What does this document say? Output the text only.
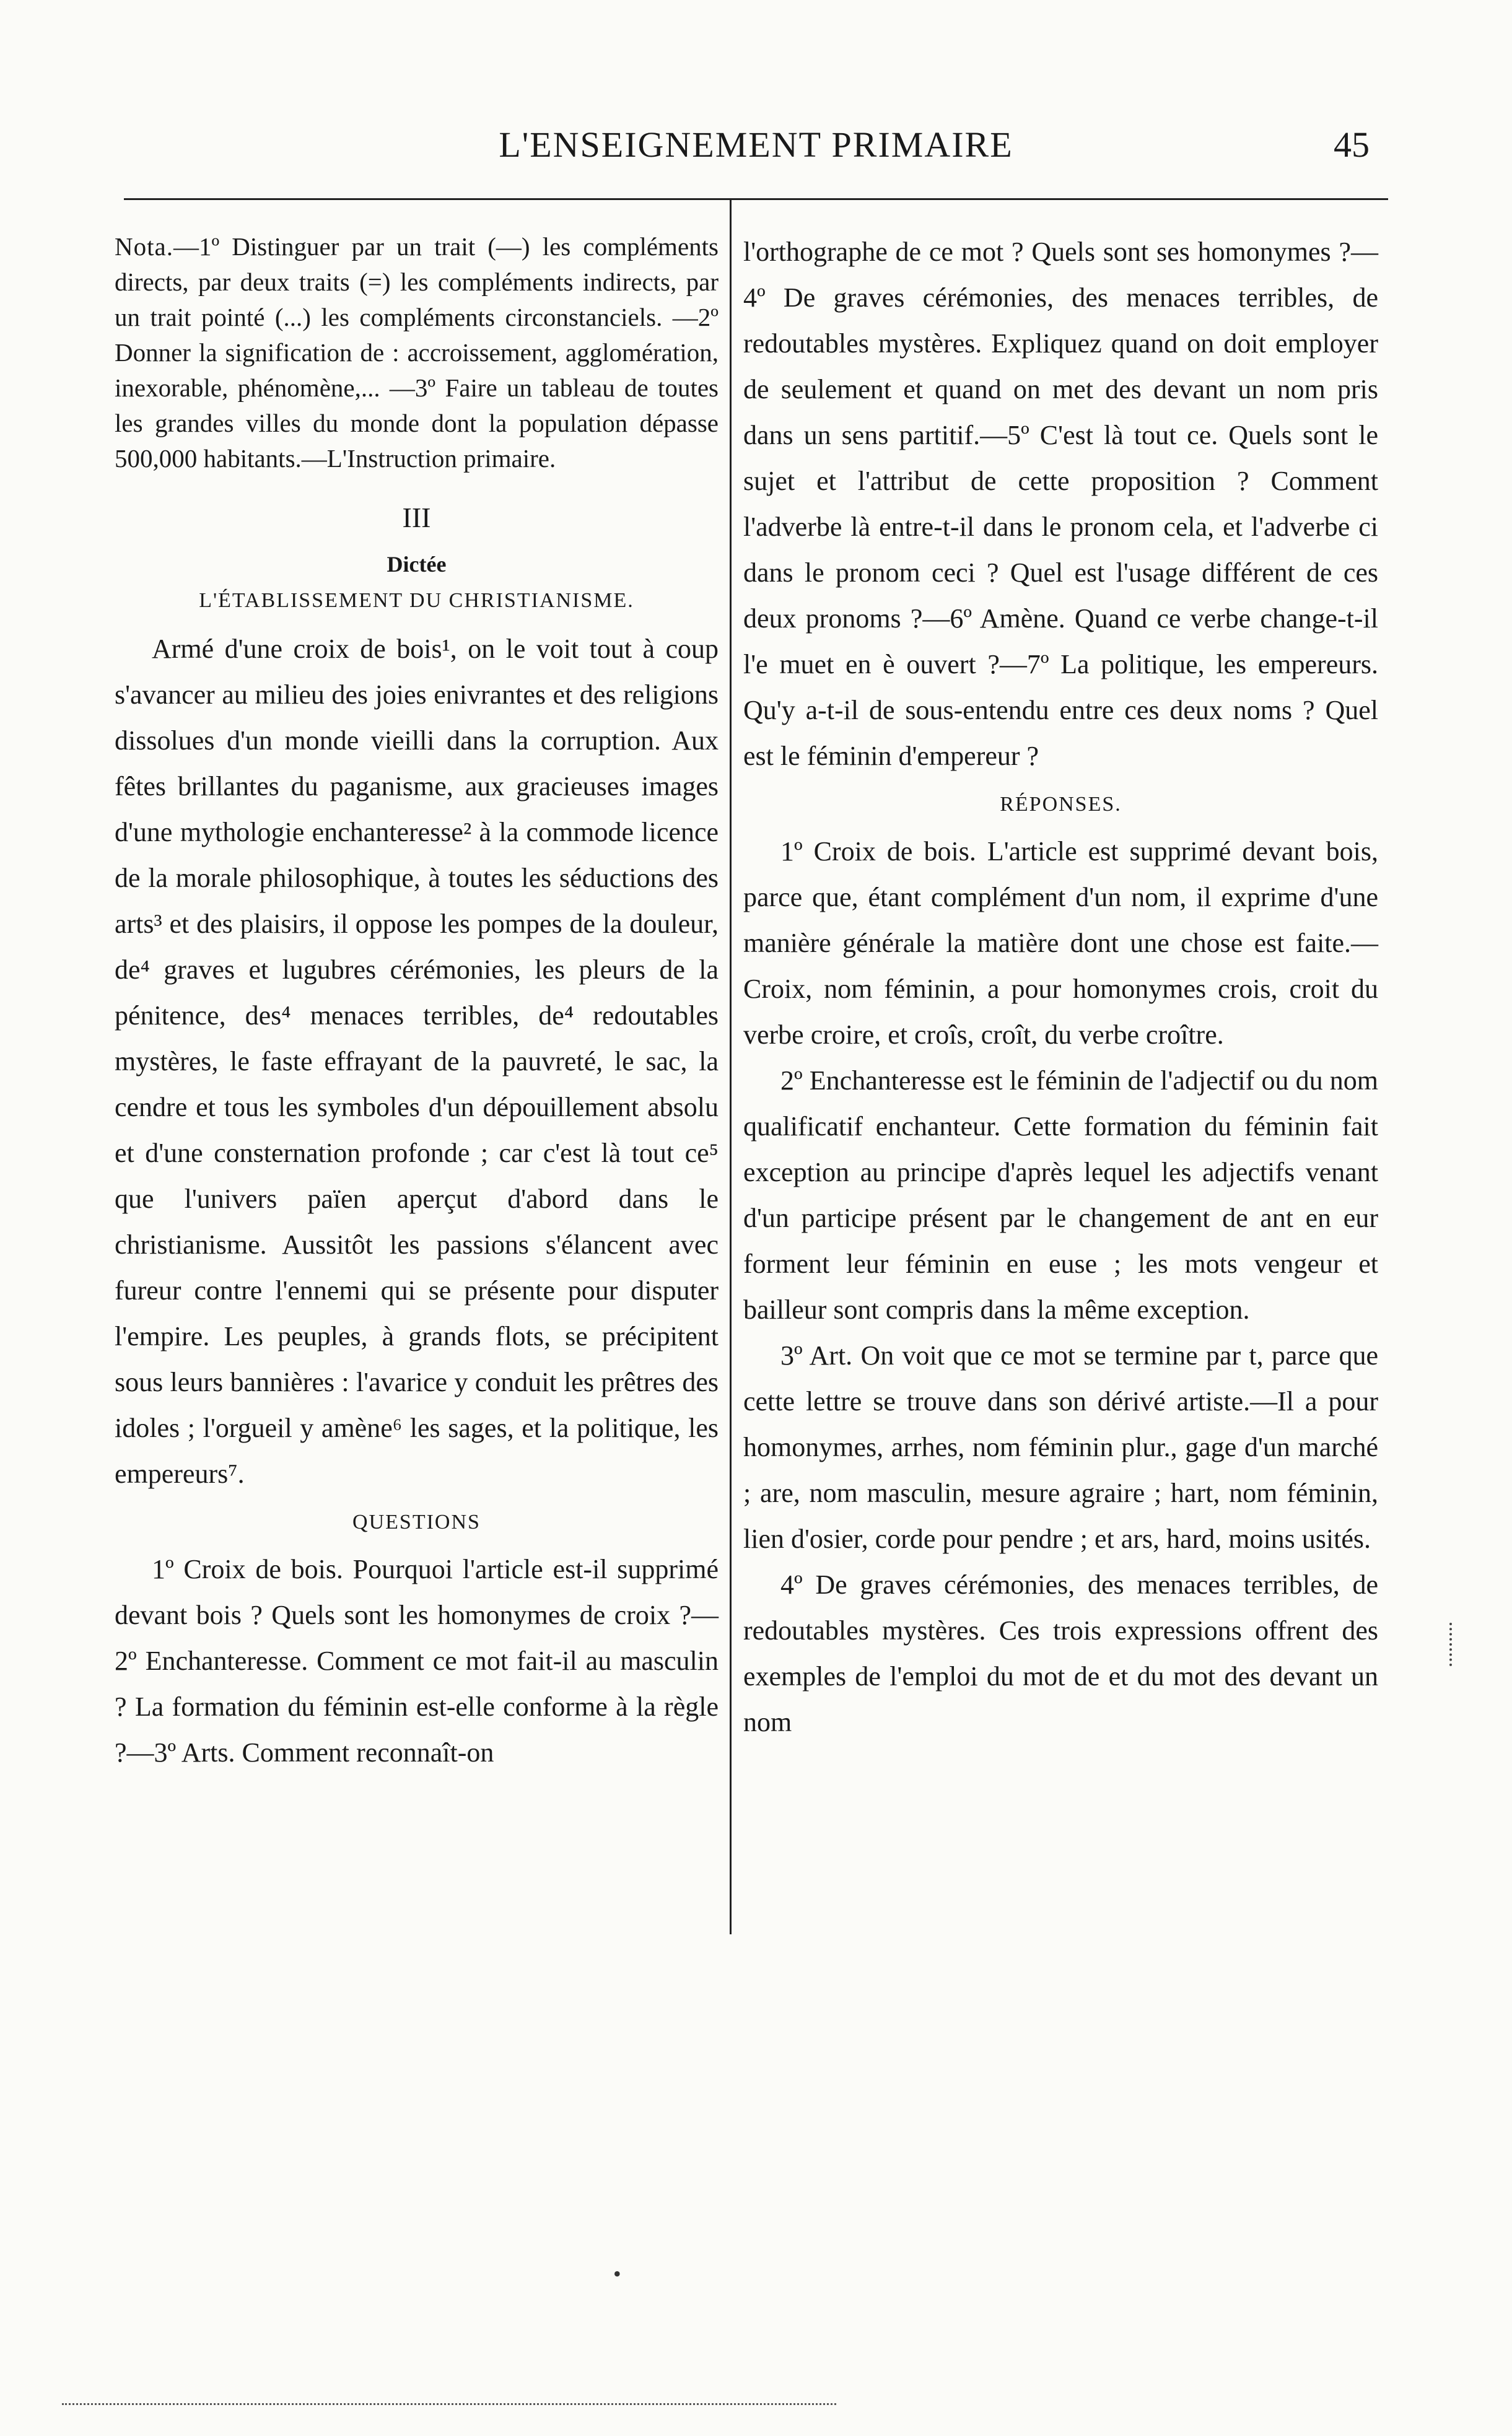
L'ENSEIGNEMENT PRIMAIRE	45

Nota.—1º Distinguer par un trait (—) les compléments directs, par deux traits (=) les compléments indirects, par un trait pointé (...) les compléments circonstanciels. —2º Donner la signification de : accroissement, agglomération, inexorable, phénomène,... —3º Faire un tableau de toutes les grandes villes du monde dont la population dépasse 500,000 habitants.—L'Instruction primaire.

III

Dictée

L'ÉTABLISSEMENT DU CHRISTIANISME.

Armé d'une croix de bois¹, on le voit tout à coup s'avancer au milieu des joies enivrantes et des religions dissolues d'un monde vieilli dans la corruption. Aux fêtes brillantes du paganisme, aux gracieuses images d'une mythologie enchanteresse² à la commode licence de la morale philosophique, à toutes les séductions des arts³ et des plaisirs, il oppose les pompes de la douleur, de⁴ graves et lugubres cérémonies, les pleurs de la pénitence, des⁴ menaces terribles, de⁴ redoutables mystères, le faste effrayant de la pauvreté, le sac, la cendre et tous les symboles d'un dépouillement absolu et d'une consternation profonde ; car c'est là tout ce⁵ que l'univers païen aperçut d'abord dans le christianisme. Aussitôt les passions s'élancent avec fureur contre l'ennemi qui se présente pour disputer l'empire. Les peuples, à grands flots, se précipitent sous leurs bannières : l'avarice y conduit les prêtres des idoles ; l'orgueil y amène⁶ les sages, et la politique, les empereurs⁷.

QUESTIONS

1º Croix de bois. Pourquoi l'article est-il supprimé devant bois ? Quels sont les homonymes de croix ?—2º Enchanteresse. Comment ce mot fait-il au masculin ? La formation du féminin est-elle conforme à la règle ?—3º Arts. Comment reconnaît-on

l'orthographe de ce mot ? Quels sont ses homonymes ?—4º De graves cérémonies, des menaces terribles, de redoutables mystères. Expliquez quand on doit employer de seulement et quand on met des devant un nom pris dans un sens partitif.—5º C'est là tout ce. Quels sont le sujet et l'attribut de cette proposition ? Comment l'adverbe là entre-t-il dans le pronom cela, et l'adverbe ci dans le pronom ceci ? Quel est l'usage différent de ces deux pronoms ?—6º Amène. Quand ce verbe change-t-il l'e muet en è ouvert ?—7º La politique, les empereurs. Qu'y a-t-il de sous-entendu entre ces deux noms ? Quel est le féminin d'empereur ?

RÉPONSES.

1º Croix de bois. L'article est supprimé devant bois, parce que, étant complément d'un nom, il exprime d'une manière générale la matière dont une chose est faite.—Croix, nom féminin, a pour homonymes crois, croit du verbe croire, et croîs, croît, du verbe croître.

2º Enchanteresse est le féminin de l'adjectif ou du nom qualificatif enchanteur. Cette formation du féminin fait exception au principe d'après lequel les adjectifs venant d'un participe présent par le changement de ant en eur forment leur féminin en euse ; les mots vengeur et bailleur sont compris dans la même exception.

3º Art. On voit que ce mot se termine par t, parce que cette lettre se trouve dans son dérivé artiste.—Il a pour homonymes, arrhes, nom féminin plur., gage d'un marché ; are, nom masculin, mesure agraire ; hart, nom féminin, lien d'osier, corde pour pendre ; et ars, hard, moins usités.

4º De graves cérémonies, des menaces terribles, de redoutables mystères. Ces trois expressions offrent des exemples de l'emploi du mot de et du mot des devant un nom

•
